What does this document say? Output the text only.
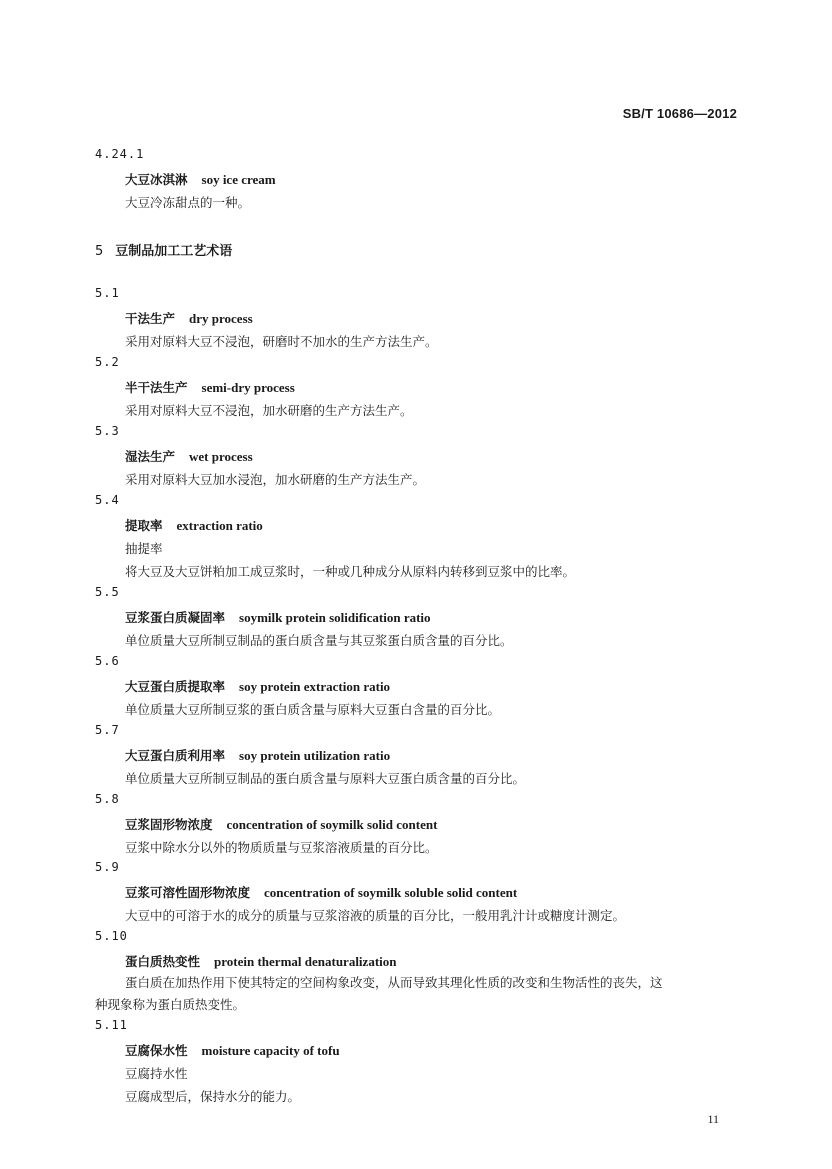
SB/T 10686—2012
4.24.1
大豆冰淇淋 soy ice cream
大豆冷冻甜点的一种。
5 豆制品加工工艺术语
5.1
干法生产 dry process
采用对原料大豆不浸泡，研磨时不加水的生产方法生产。
5.2
半干法生产 semi-dry process
采用对原料大豆不浸泡，加水研磨的生产方法生产。
5.3
湿法生产 wet process
采用对原料大豆加水浸泡，加水研磨的生产方法生产。
5.4
提取率 extraction ratio
抽提率
将大豆及大豆饼粕加工成豆浆时，一种或几种成分从原料内转移到豆浆中的比率。
5.5
豆浆蛋白质凝固率 soymilk protein solidification ratio
单位质量大豆所制豆制品的蛋白质含量与其豆浆蛋白质含量的百分比。
5.6
大豆蛋白质提取率 soy protein extraction ratio
单位质量大豆所制豆浆的蛋白质含量与原料大豆蛋白含量的百分比。
5.7
大豆蛋白质利用率 soy protein utilization ratio
单位质量大豆所制豆制品的蛋白质含量与原料大豆蛋白质含量的百分比。
5.8
豆浆固形物浓度 concentration of soymilk solid content
豆浆中除水分以外的物质质量与豆浆溶液质量的百分比。
5.9
豆浆可溶性固形物浓度 concentration of soymilk soluble solid content
大豆中的可溶于水的成分的质量与豆浆溶液的质量的百分比，一般用乳汁计或糖度计测定。
5.10
蛋白质热变性 protein thermal denaturalization
蛋白质在加热作用下使其特定的空间构象改变，从而导致其理化性质的改变和生物活性的丧失，这
种现象称为蛋白质热变性。
5.11
豆腐保水性 moisture capacity of tofu
豆腐持水性
豆腐成型后，保持水分的能力。
11
